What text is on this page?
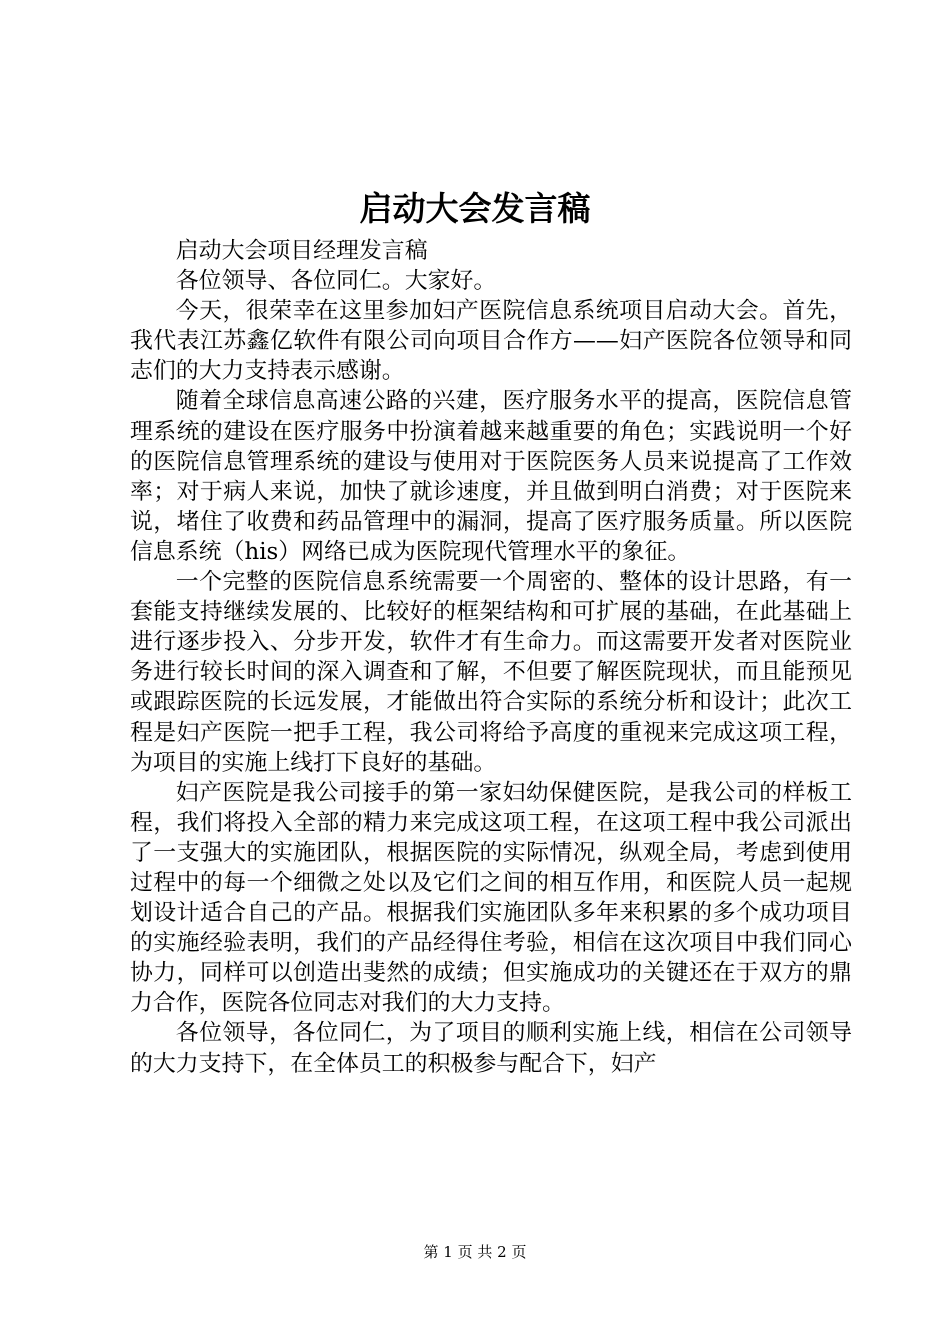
启动大会发言稿

启动大会项目经理发言稿

各位领导、各位同仁。大家好。

今天，很荣幸在这里参加妇产医院信息系统项目启动大会。首先，我代表江苏鑫亿软件有限公司向项目合作方——妇产医院各位领导和同志们的大力支持表示感谢。

随着全球信息高速公路的兴建，医疗服务水平的提高，医院信息管理系统的建设在医疗服务中扮演着越来越重要的角色；实践说明一个好的医院信息管理系统的建设与使用对于医院医务人员来说提高了工作效率；对于病人来说，加快了就诊速度，并且做到明白消费；对于医院来说，堵住了收费和药品管理中的漏洞，提高了医疗服务质量。所以医院信息系统（his）网络已成为医院现代管理水平的象征。

一个完整的医院信息系统需要一个周密的、整体的设计思路，有一套能支持继续发展的、比较好的框架结构和可扩展的基础，在此基础上进行逐步投入、分步开发，软件才有生命力。而这需要开发者对医院业务进行较长时间的深入调查和了解，不但要了解医院现状，而且能预见或跟踪医院的长远发展，才能做出符合实际的系统分析和设计；此次工程是妇产医院一把手工程，我公司将给予高度的重视来完成这项工程，为项目的实施上线打下良好的基础。

妇产医院是我公司接手的第一家妇幼保健医院，是我公司的样板工程，我们将投入全部的精力来完成这项工程，在这项工程中我公司派出了一支强大的实施团队，根据医院的实际情况，纵观全局，考虑到使用过程中的每一个细微之处以及它们之间的相互作用，和医院人员一起规划设计适合自己的产品。根据我们实施团队多年来积累的多个成功项目的实施经验表明，我们的产品经得住考验，相信在这次项目中我们同心协力，同样可以创造出斐然的成绩；但实施成功的关键还在于双方的鼎力合作，医院各位同志对我们的大力支持。

各位领导，各位同仁，为了项目的顺利实施上线，相信在公司领导的大力支持下，在全体员工的积极参与配合下，妇产

第 1 页 共 2 页
